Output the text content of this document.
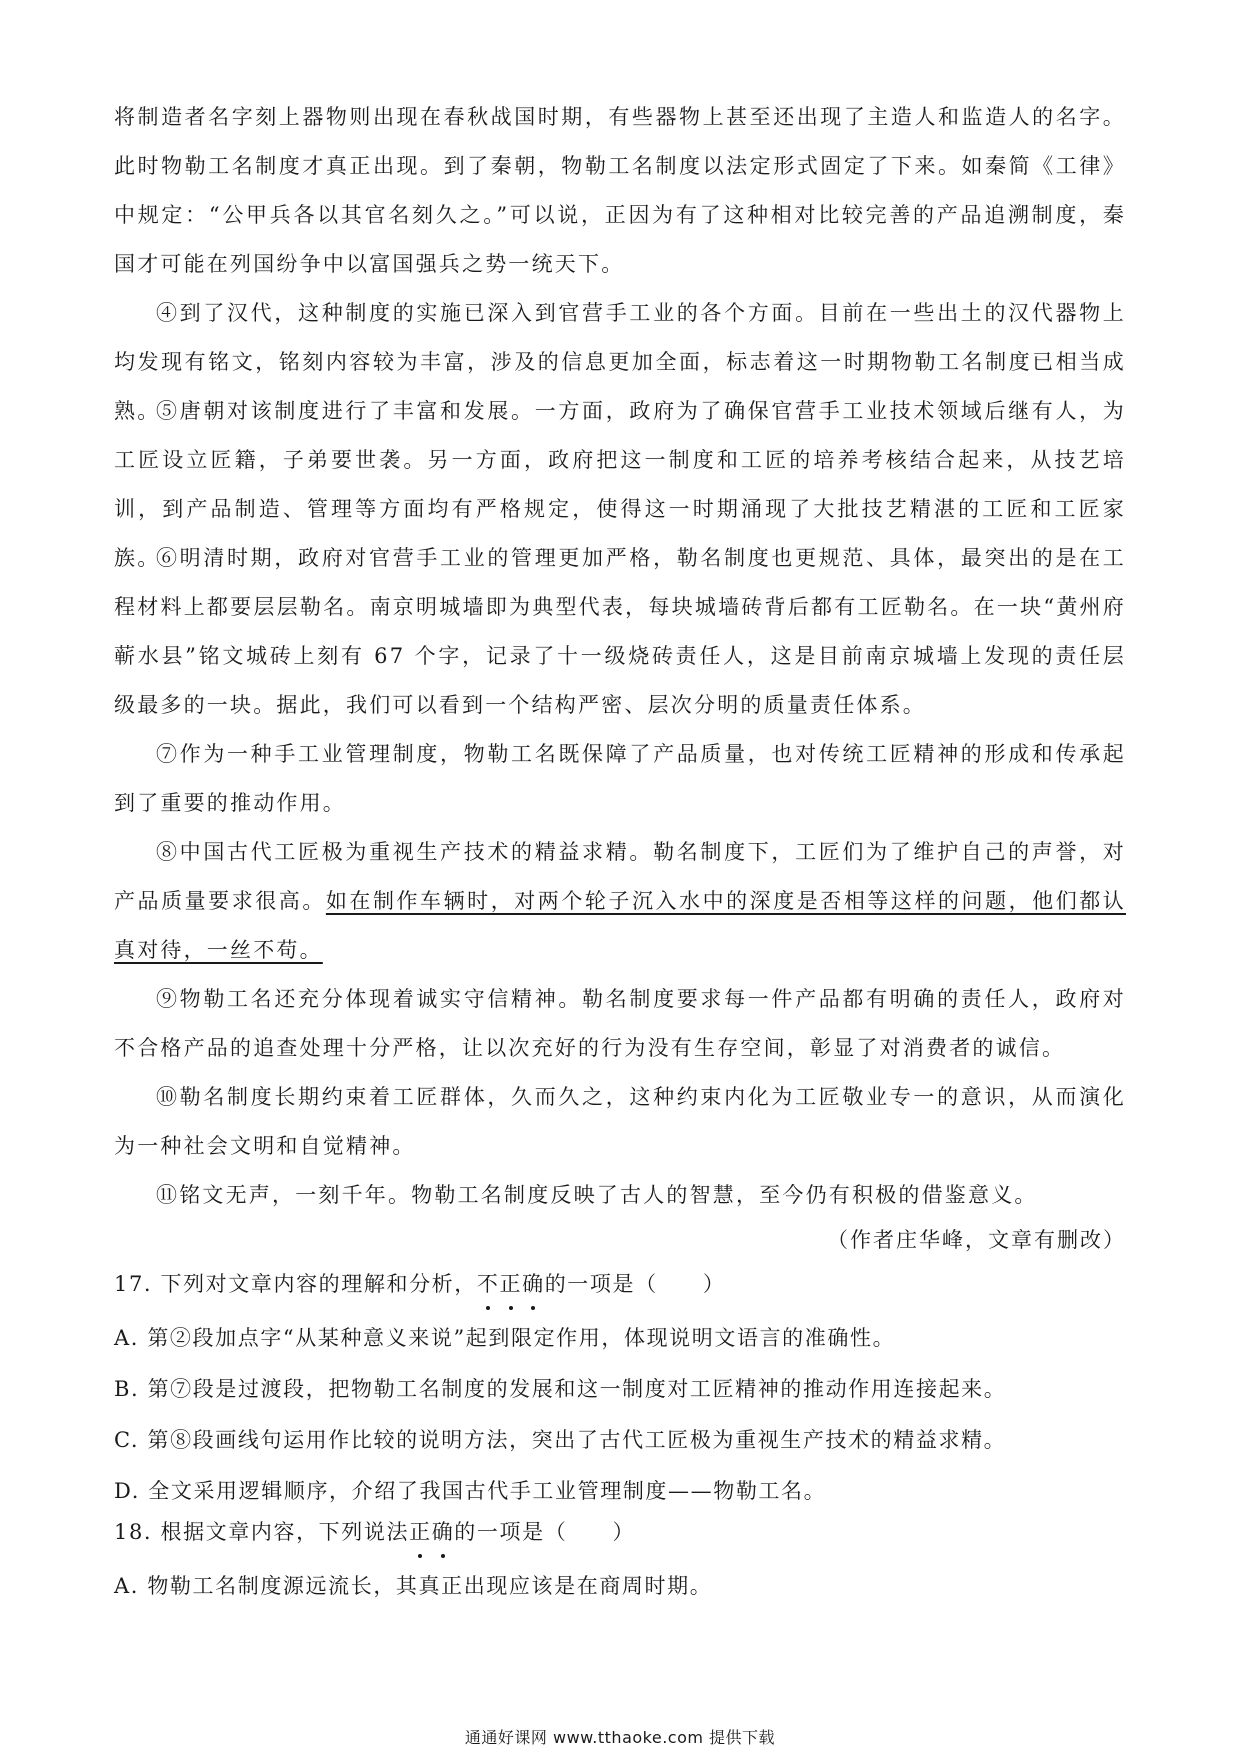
将制造者名字刻上器物则出现在春秋战国时期，有些器物上甚至还出现了主造人和监造人的名字。此时物勒工名制度才真正出现。到了秦朝，物勒工名制度以法定形式固定了下来。如秦简《工律》中规定：“公甲兵各以其官名刻久之。”可以说，正因为有了这种相对比较完善的产品追溯制度，秦国才可能在列国纷争中以富国强兵之势一统天下。

④到了汉代，这种制度的实施已深入到官营手工业的各个方面。目前在一些出土的汉代器物上均发现有铭文，铭刻内容较为丰富，涉及的信息更加全面，标志着这一时期物勒工名制度已相当成熟。

⑤唐朝对该制度进行了丰富和发展。一方面，政府为了确保官营手工业技术领域后继有人，为工匠设立匠籍，子弟要世袭。另一方面，政府把这一制度和工匠的培养考核结合起来，从技艺培训，到产品制造、管理等方面均有严格规定，使得这一时期涌现了大批技艺精湛的工匠和工匠家族。

⑥明清时期，政府对官营手工业的管理更加严格，勒名制度也更规范、具体，最突出的是在工程材料上都要层层勒名。南京明城墙即为典型代表，每块城墙砖背后都有工匠勒名。在一块“黄州府蕲水县”铭文城砖上刻有 67 个字，记录了十一级烧砖责任人，这是目前南京城墙上发现的责任层级最多的一块。据此，我们可以看到一个结构严密、层次分明的质量责任体系。

⑦作为一种手工业管理制度，物勒工名既保障了产品质量，也对传统工匠精神的形成和传承起到了重要的推动作用。

⑧中国古代工匠极为重视生产技术的精益求精。勒名制度下，工匠们为了维护自己的声誉，对产品质量要求很高。如在制作车辆时，对两个轮子沉入水中的深度是否相等这样的问题，他们都认真对待，一丝不苟。

⑨物勒工名还充分体现着诚实守信精神。勒名制度要求每一件产品都有明确的责任人，政府对不合格产品的追查处理十分严格，让以次充好的行为没有生存空间，彰显了对消费者的诚信。

⑩勒名制度长期约束着工匠群体，久而久之，这种约束内化为工匠敬业专一的意识，从而演化为一种社会文明和自觉精神。

⑪铭文无声，一刻千年。物勒工名制度反映了古人的智慧，至今仍有积极的借鉴意义。

（作者庄华峰，文章有删改）

17. 下列对文章内容的理解和分析，不正确的一项是（　　）

A. 第②段加点字“从某种意义来说”起到限定作用，体现说明文语言的准确性。

B. 第⑦段是过渡段，把物勒工名制度的发展和这一制度对工匠精神的推动作用连接起来。

C. 第⑧段画线句运用作比较的说明方法，突出了古代工匠极为重视生产技术的精益求精。

D. 全文采用逻辑顺序，介绍了我国古代手工业管理制度——物勒工名。

18. 根据文章内容，下列说法正确的一项是（　　）

A. 物勒工名制度源远流长，其真正出现应该是在商周时期。

通通好课网 www.tthaoke.com 提供下载
